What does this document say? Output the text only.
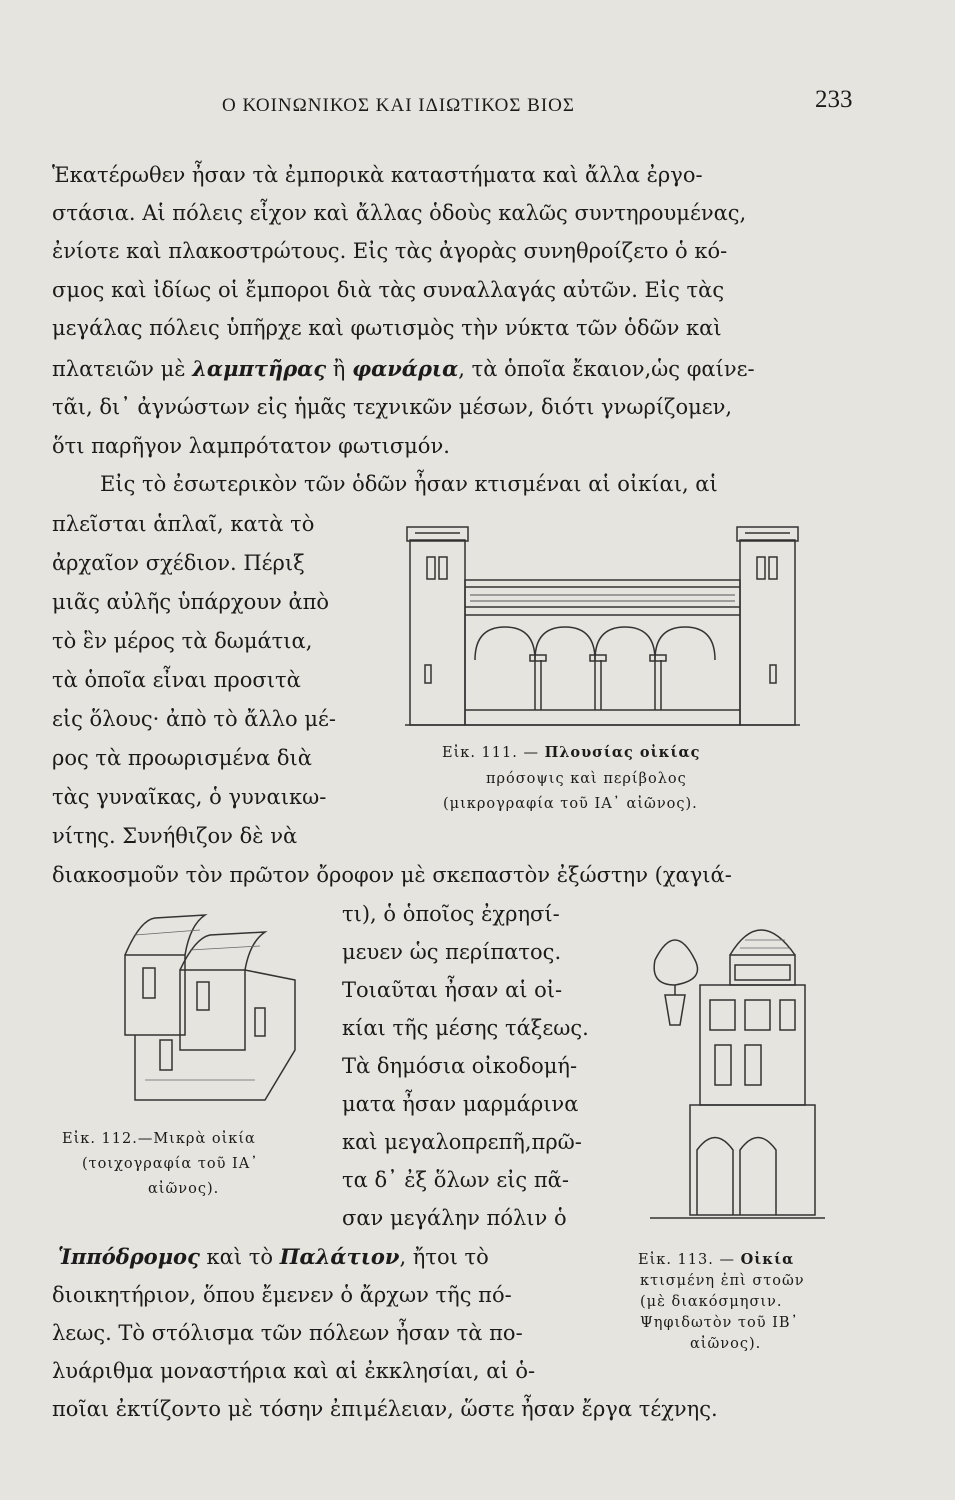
Ο ΚΟΙΝΩΝΙΚΟΣ ΚΑΙ ΙΔΙΩΤΙΚΟΣ ΒΙΟΣ	233
Ἑκατέρωθεν ἦσαν τὰ ἐμπορικὰ καταστήματα καὶ ἄλλα ἐργο-
στάσια. Αἱ πόλεις εἶχον καὶ ἄλλας ὁδοὺς καλῶς συντηρουμένας,
ἐνίοτε καὶ πλακοστρώτους. Εἰς τὰς ἀγορὰς συνηθροίζετο ὁ κό-
σμος καὶ ἰδίως οἱ ἔμποροι διὰ τὰς συναλλαγάς αὐτῶν. Εἰς τὰς
μεγάλας πόλεις ὑπῆρχε καὶ φωτισμὸς τὴν νύκτα τῶν ὁδῶν καὶ
πλατειῶν μὲ λαμπτῆρας ἢ φανάρια, τὰ ὁποῖα ἔκαιον,ὡς φαίνε-
τᾶι, δι᾽ ἀγνώστων εἰς ἡμᾶς τεχνικῶν μέσων, διότι γνωρίζομεν,
ὅτι παρῆγον λαμπρότατον φωτισμόν.
Εἰς τὸ ἐσωτερικὸν τῶν ὁδῶν ἦσαν κτισμέναι αἱ οἰκίαι, αἱ
πλεῖσται ἁπλαῖ, κατὰ τὸ
ἀρχαῖον σχέδιον. Πέριξ
μιᾶς αὐλῆς ὑπάρχουν ἀπὸ
τὸ ἓν μέρος τὰ δωμάτια,
τὰ ὁποῖα εἶναι προσιτὰ
εἰς ὅλους· ἀπὸ τὸ ἄλλο μέ-
ρος τὰ προωρισμένα διὰ
τὰς γυναῖκας, ὁ γυναικω-
νίτης. Συνήθιζον δὲ νὰ
διακοσμοῦν τὸν πρῶτον ὄροφον μὲ σκεπαστὸν ἐξώστην (χαγιά-
τι), ὁ ὁποῖος ἐχρησί-
μευεν ὡς περίπατος.
Τοιαῦται ἦσαν αἱ οἰ-
κίαι τῆς μέσης τάξεως.
Τὰ δημόσια οἰκοδομή-
ματα ἦσαν μαρμάρινα
καὶ μεγαλοπρεπῆ,πρῶ-
τα δ᾽ ἐξ ὅλων εἰς πᾶ-
σαν μεγάλην πόλιν ὁ
Ἱππόδρομος καὶ τὸ Παλάτιον, ἤτοι τὸ
διοικητήριον, ὅπου ἔμενεν ὁ ἄρχων τῆς πό-
λεως. Τὸ στόλισμα τῶν πόλεων ἦσαν τὰ πο-
λυάριθμα μοναστήρια καὶ αἱ ἐκκλησίαι, αἱ ὁ-
ποῖαι ἐκτίζοντο μὲ τόσην ἐπιμέλειαν, ὥστε ἦσαν ἔργα τέχνης.
Εἰκ. 111. — Πλουσίας οἰκίας
πρόσοψις καὶ περίβολος
(μικρογραφία τοῦ ΙΑ᾽ αἰῶνος).
Εἰκ. 112.—Μικρὰ οἰκία
(τοιχογραφία τοῦ ΙΑ᾽
αἰῶνος).
Εἰκ. 113. — Οἰκία
κτισμένη ἐπὶ στοῶν
(μὲ διακόσμησιν.
Ψηφιδωτὸν τοῦ ΙΒ᾽
αἰῶνος).
